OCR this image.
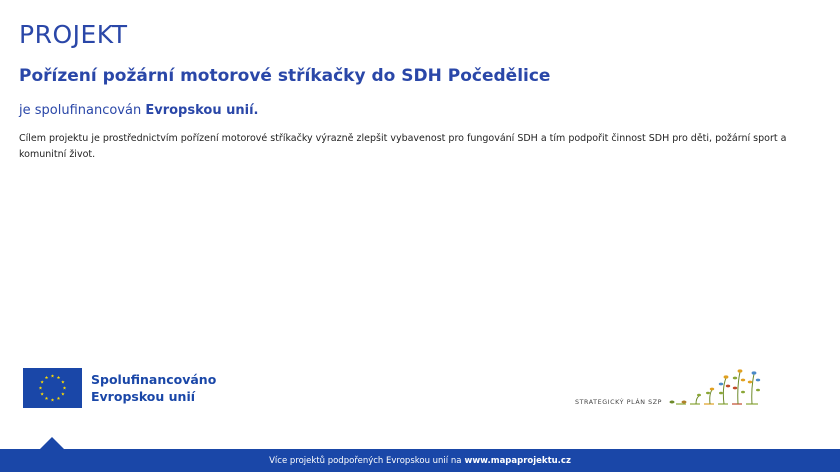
PROJEKT
Pořízení požární motorové stříkačky do SDH Počedělice
je spolufinancován Evropskou unií.
Cílem projektu je prostřednictvím pořízení motorové stříkačky výrazně zlepšit vybavenost pro fungování SDH a tím podpořit činnost SDH pro děti, požární sport a komunitní život.
Spolufinancováno
Evropskou unií	STRATEGICKÝ PLÁN SZP
Více projektů podpořených Evropskou unií na www.mapaprojektu.cz
